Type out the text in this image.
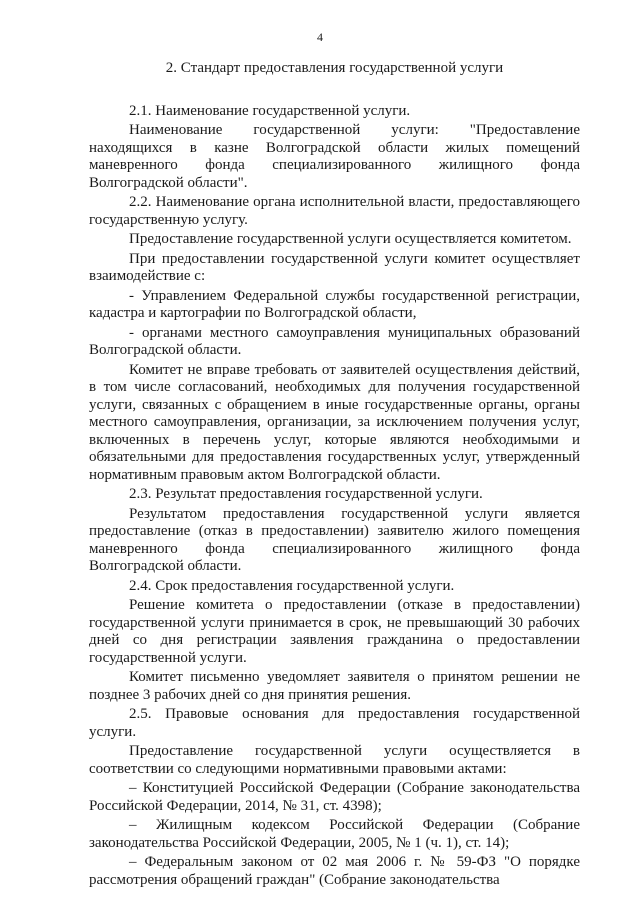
4
2. Стандарт предоставления государственной услуги

2.1. Наименование государственной услуги.

Наименование государственной услуги: "Предоставление находящихся в казне Волгоградской области жилых помещений маневренного фонда специализированного жилищного фонда Волгоградской области".

2.2. Наименование органа исполнительной власти, предоставляющего государственную услугу.

Предоставление государственной услуги осуществляется комитетом.

При предоставлении государственной услуги комитет осуществляет взаимодействие с:

- Управлением Федеральной службы государственной регистрации, кадастра и картографии по Волгоградской области,

- органами местного самоуправления муниципальных образований Волгоградской области.

Комитет не вправе требовать от заявителей осуществления действий, в том числе согласований, необходимых для получения государственной услуги, связанных с обращением в иные государственные органы, органы местного самоуправления, организации, за исключением получения услуг, включенных в перечень услуг, которые являются необходимыми и обязательными для предоставления государственных услуг, утвержденный нормативным правовым актом Волгоградской области.

2.3. Результат предоставления государственной услуги.

Результатом предоставления государственной услуги является предоставление (отказ в предоставлении) заявителю жилого помещения маневренного фонда специализированного жилищного фонда Волгоградской области.

2.4. Срок предоставления государственной услуги.

Решение комитета о предоставлении (отказе в предоставлении) государственной услуги принимается в срок, не превышающий 30 рабочих дней со дня регистрации заявления гражданина о предоставлении государственной услуги.

Комитет письменно уведомляет заявителя о принятом решении не позднее 3 рабочих дней со дня принятия решения.

2.5. Правовые основания для предоставления государственной услуги.

Предоставление государственной услуги осуществляется в соответствии со следующими нормативными правовыми актами:

– Конституцией Российской Федерации (Собрание законодательства Российской Федерации, 2014, № 31, ст. 4398);

– Жилищным кодексом Российской Федерации (Собрание законодательства Российской Федерации, 2005, № 1 (ч. 1), ст. 14);

– Федеральным законом от 02 мая 2006 г. № 59-ФЗ "О порядке рассмотрения обращений граждан" (Собрание законодательства
